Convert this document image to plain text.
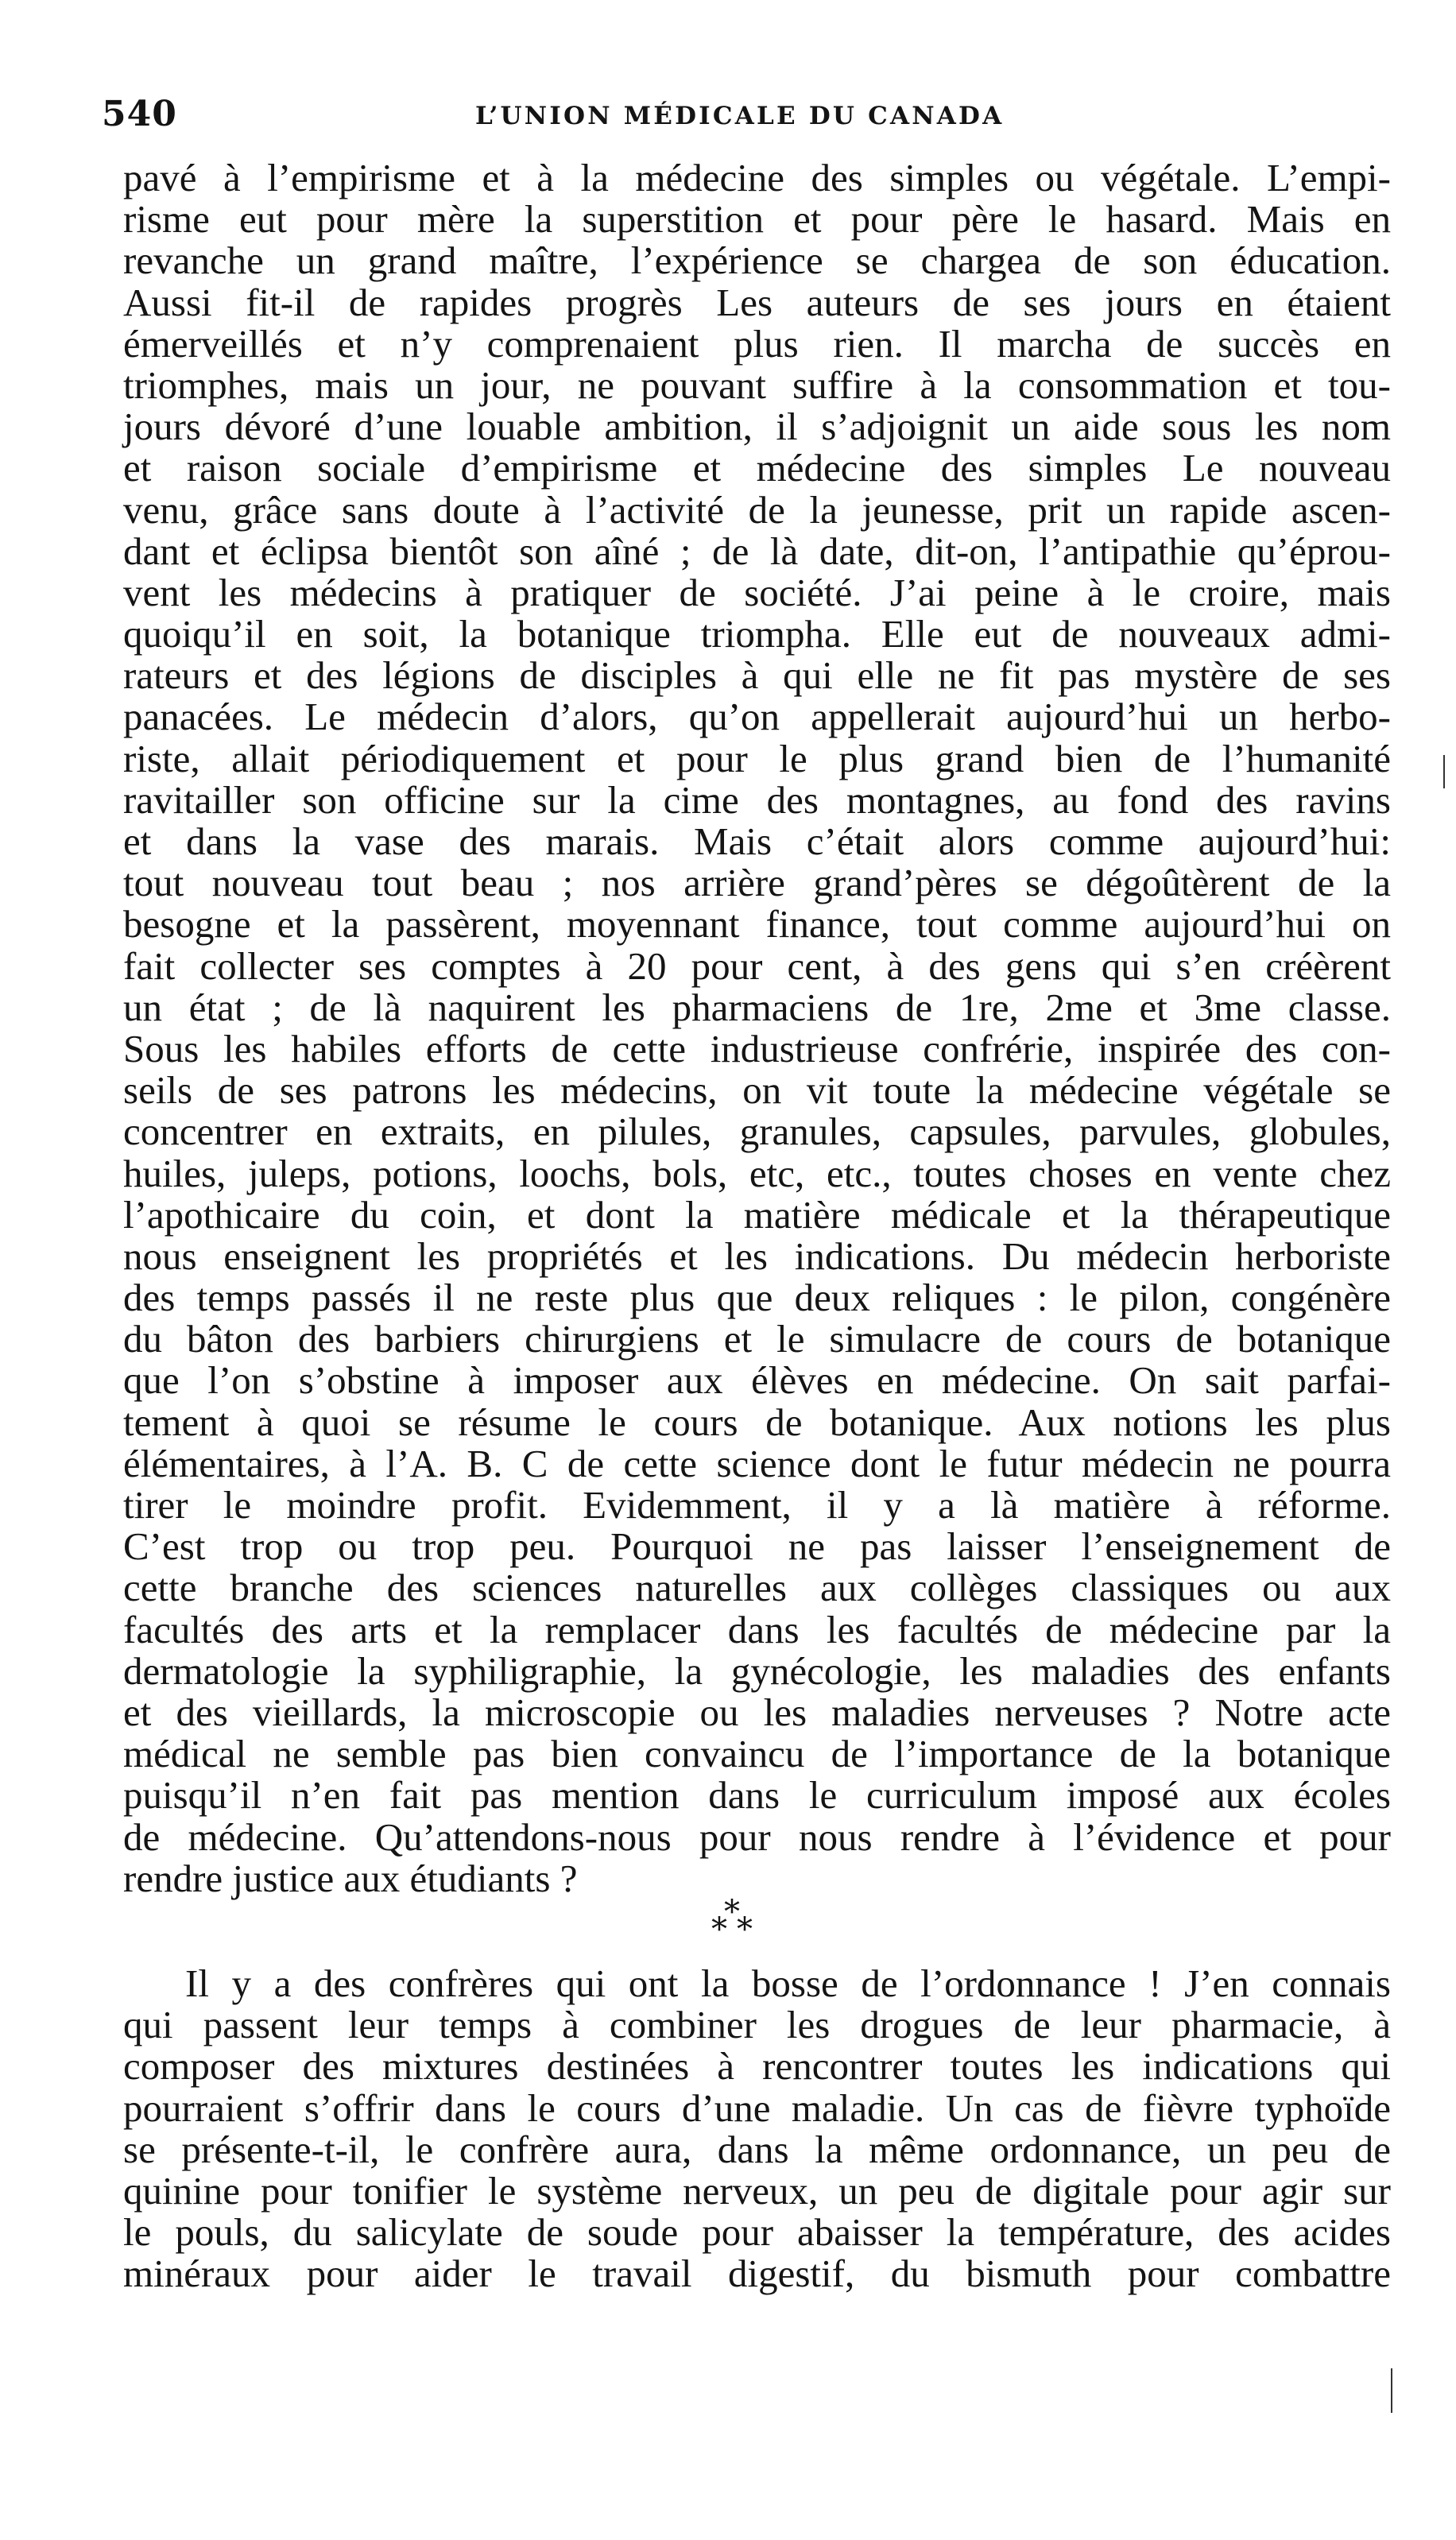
540	L’UNION MÉDICALE DU CANADA
pavé à l’empirisme et à la médecine des simples ou végétale. L’empi-
risme eut pour mère la superstition et pour père le hasard. Mais en
revanche un grand maître, l’expérience se chargea de son éducation.
Aussi fit-il de rapides progrès Les auteurs de ses jours en étaient
émerveillés et n’y comprenaient plus rien. Il marcha de succès en
triomphes, mais un jour, ne pouvant suffire à la consommation et tou-
jours dévoré d’une louable ambition, il s’adjoignit un aide sous les nom
et raison sociale d’empirisme et médecine des simples Le nouveau
venu, grâce sans doute à l’activité de la jeunesse, prit un rapide ascen-
dant et éclipsa bientôt son aîné ; de là date, dit-on, l’antipathie qu’éprou-
vent les médecins à pratiquer de société. J’ai peine à le croire, mais
quoiqu’il en soit, la botanique triompha. Elle eut de nouveaux admi-
rateurs et des légions de disciples à qui elle ne fit pas mystère de ses
panacées. Le médecin d’alors, qu’on appellerait aujourd’hui un herbo-
riste, allait périodiquement et pour le plus grand bien de l’humanité
ravitailler son officine sur la cime des montagnes, au fond des ravins
et dans la vase des marais. Mais c’était alors comme aujourd’hui:
tout nouveau tout beau ; nos arrière grand’pères se dégoûtèrent de la
besogne et la passèrent, moyennant finance, tout comme aujourd’hui on
fait collecter ses comptes à 20 pour cent, à des gens qui s’en créèrent
un état ; de là naquirent les pharmaciens de 1re, 2me et 3me classe.
Sous les habiles efforts de cette industrieuse confrérie, inspirée des con-
seils de ses patrons les médecins, on vit toute la médecine végétale se
concentrer en extraits, en pilules, granules, capsules, parvules, globules,
huiles, juleps, potions, loochs, bols, etc, etc., toutes choses en vente chez
l’apothicaire du coin, et dont la matière médicale et la thérapeutique
nous enseignent les propriétés et les indications. Du médecin herboriste
des temps passés il ne reste plus que deux reliques : le pilon, congénère
du bâton des barbiers chirurgiens et le simulacre de cours de botanique
que l’on s’obstine à imposer aux élèves en médecine. On sait parfai-
tement à quoi se résume le cours de botanique. Aux notions les plus
élémentaires, à l’A. B. C de cette science dont le futur médecin ne pourra
tirer le moindre profit. Evidemment, il y a là matière à réforme.
C’est trop ou trop peu. Pourquoi ne pas laisser l’enseignement de
cette branche des sciences naturelles aux collèges classiques ou aux
facultés des arts et la remplacer dans les facultés de médecine par la
dermatologie la syphiligraphie, la gynécologie, les maladies des enfants
et des vieillards, la microscopie ou les maladies nerveuses ? Notre acte
médical ne semble pas bien convaincu de l’importance de la botanique
puisqu’il n’en fait pas mention dans le curriculum imposé aux écoles
de médecine. Qu’attendons-nous pour nous rendre à l’évidence et pour
rendre justice aux étudiants ?
*
* *
Il y a des confrères qui ont la bosse de l’ordonnance ! J’en connais
qui passent leur temps à combiner les drogues de leur pharmacie, à
composer des mixtures destinées à rencontrer toutes les indications qui
pourraient s’offrir dans le cours d’une maladie. Un cas de fièvre typhoïde
se présente-t-il, le confrère aura, dans la même ordonnance, un peu de
quinine pour tonifier le système nerveux, un peu de digitale pour agir sur
le pouls, du salicylate de soude pour abaisser la température, des acides
minéraux pour aider le travail digestif, du bismuth pour combattre
